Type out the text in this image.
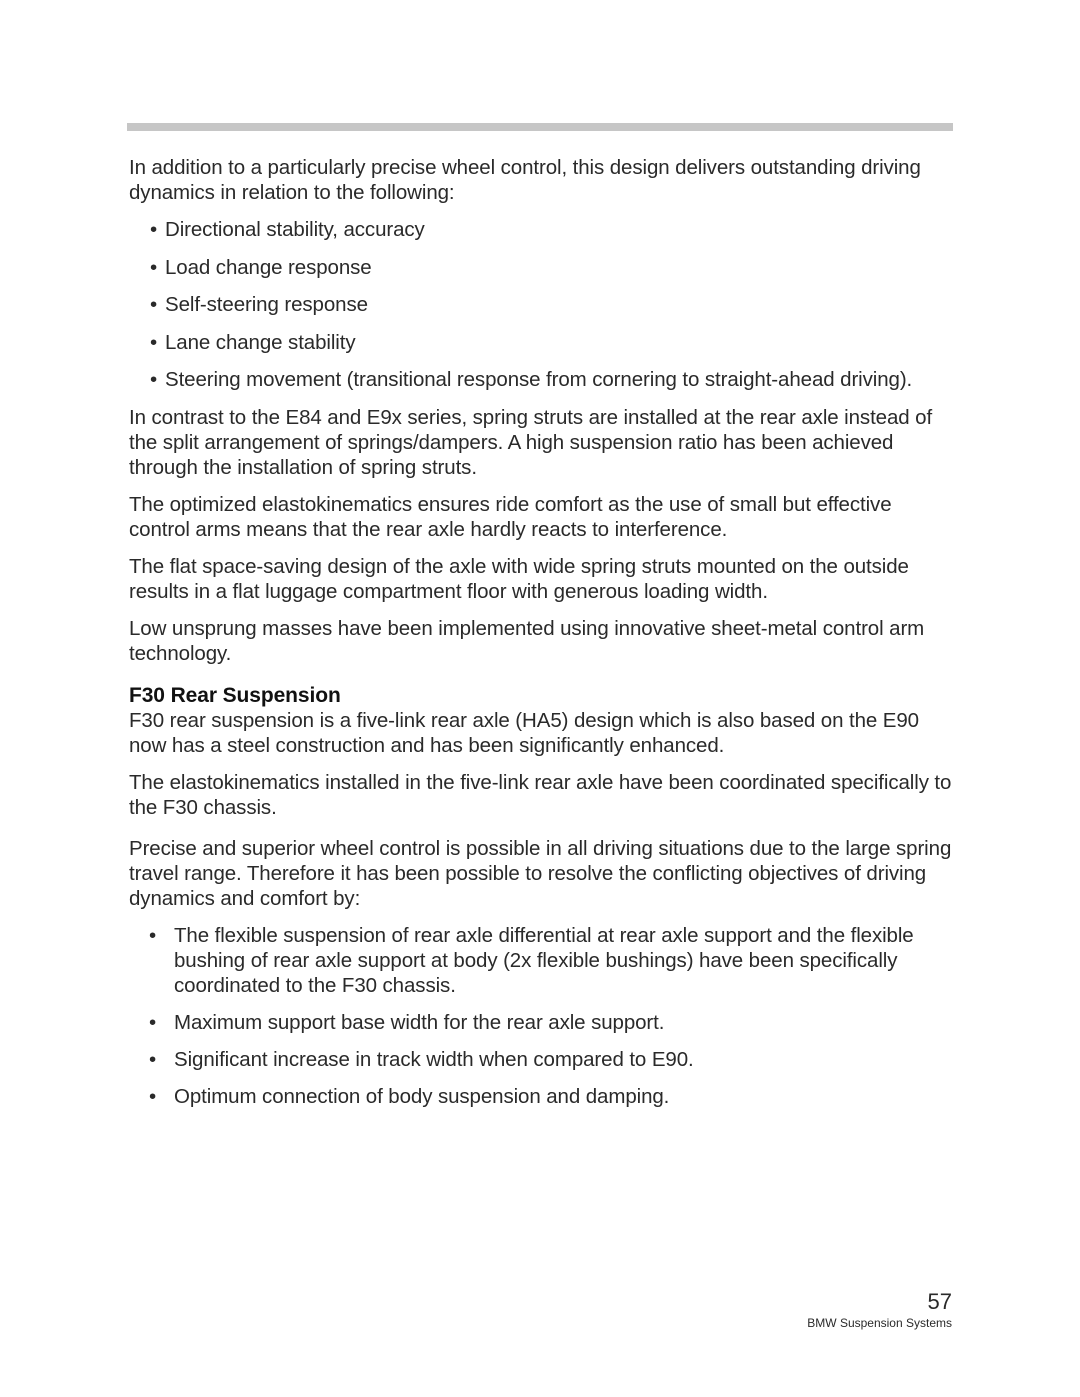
In addition to a particularly precise wheel control, this design delivers outstanding driving dynamics in relation to the following:

• Directional stability, accuracy
• Load change response
• Self-steering response
• Lane change stability
• Steering movement (transitional response from cornering to straight-ahead driving).

In contrast to the E84 and E9x series, spring struts are installed at the rear axle instead of the split arrangement of springs/dampers. A high suspension ratio has been achieved through the installation of spring struts.

The optimized elastokinematics ensures ride comfort as the use of small but effective control arms means that the rear axle hardly reacts to interference.

The flat space-saving design of the axle with wide spring struts mounted on the outside results in a flat luggage compartment floor with generous loading width.

Low unsprung masses have been implemented using innovative sheet-metal control arm technology.

F30 Rear Suspension

F30 rear suspension is a five-link rear axle (HA5) design which is also based on the E90 now has a steel construction and has been significantly enhanced.

The elastokinematics installed in the five-link rear axle have been coordinated specifically to the F30 chassis.

Precise and superior wheel control is possible in all driving situations due to the large spring travel range. Therefore it has been possible to resolve the conflicting objectives of driving dynamics and comfort by:

• The flexible suspension of rear axle differential at rear axle support and the flexible bushing of rear axle support at body (2x flexible bushings) have been specifically coordinated to the F30 chassis.
• Maximum support base width for the rear axle support.
• Significant increase in track width when compared to E90.
• Optimum connection of body suspension and damping.
57
BMW Suspension Systems
